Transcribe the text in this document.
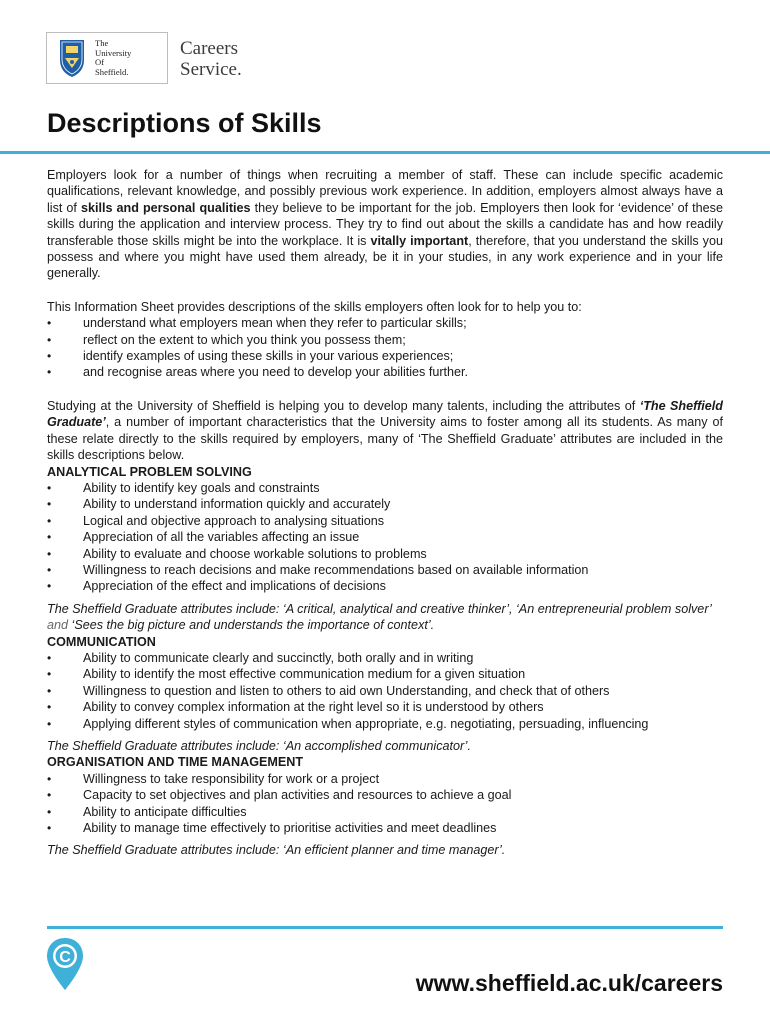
The
University
Of
Sheffield.
Careers
Service.
Descriptions of Skills

Employers look for a number of things when recruiting a member of staff. These can include specific academic qualifications, relevant knowledge, and possibly previous work experience. In addition, employers almost always have a list of skills and personal qualities they believe to be important for the job. Employers then look for ‘evidence’ of these skills during the application and interview process. They try to find out about the skills a candidate has and how readily transferable those skills might be into the workplace. It is vitally important, therefore, that you understand the skills you possess and where you might have used them already, be it in your studies, in any work experience and in your life generally.

This Information Sheet provides descriptions of the skills employers often look for to help you to:

• understand what employers mean when they refer to particular skills;
• reflect on the extent to which you think you possess them;
• identify examples of using these skills in your various experiences;
• and recognise areas where you need to develop your abilities further.

Studying at the University of Sheffield is helping you to develop many talents, including the attributes of ‘The Sheffield Graduate’, a number of important characteristics that the University aims to foster among all its students. As many of these relate directly to the skills required by employers, many of ‘The Sheffield Graduate’ attributes are included in the skills descriptions below.

ANALYTICAL PROBLEM SOLVING

• Ability to identify key goals and constraints
• Ability to understand information quickly and accurately
• Logical and objective approach to analysing situations
• Appreciation of all the variables affecting an issue
• Ability to evaluate and choose workable solutions to problems
• Willingness to reach decisions and make recommendations based on available information
• Appreciation of the effect and implications of decisions

The Sheffield Graduate attributes include: ‘A critical, analytical and creative thinker’, ‘An entrepreneurial problem solver’ and ‘Sees the big picture and understands the importance of context’.

COMMUNICATION

• Ability to communicate clearly and succinctly, both orally and in writing
• Ability to identify the most effective communication medium for a given situation
• Willingness to question and listen to others to aid own Understanding, and check that of others
• Ability to convey complex information at the right level so it is understood by others
• Applying different styles of communication when appropriate, e.g. negotiating, persuading, influencing

The Sheffield Graduate attributes include: ‘An accomplished communicator’.

ORGANISATION AND TIME MANAGEMENT

• Willingness to take responsibility for work or a project
• Capacity to set objectives and plan activities and resources to achieve a goal
• Ability to anticipate difficulties
• Ability to manage time effectively to prioritise activities and meet deadlines

The Sheffield Graduate attributes include: ‘An efficient planner and time manager’.

C
www.sheffield.ac.uk/careers
